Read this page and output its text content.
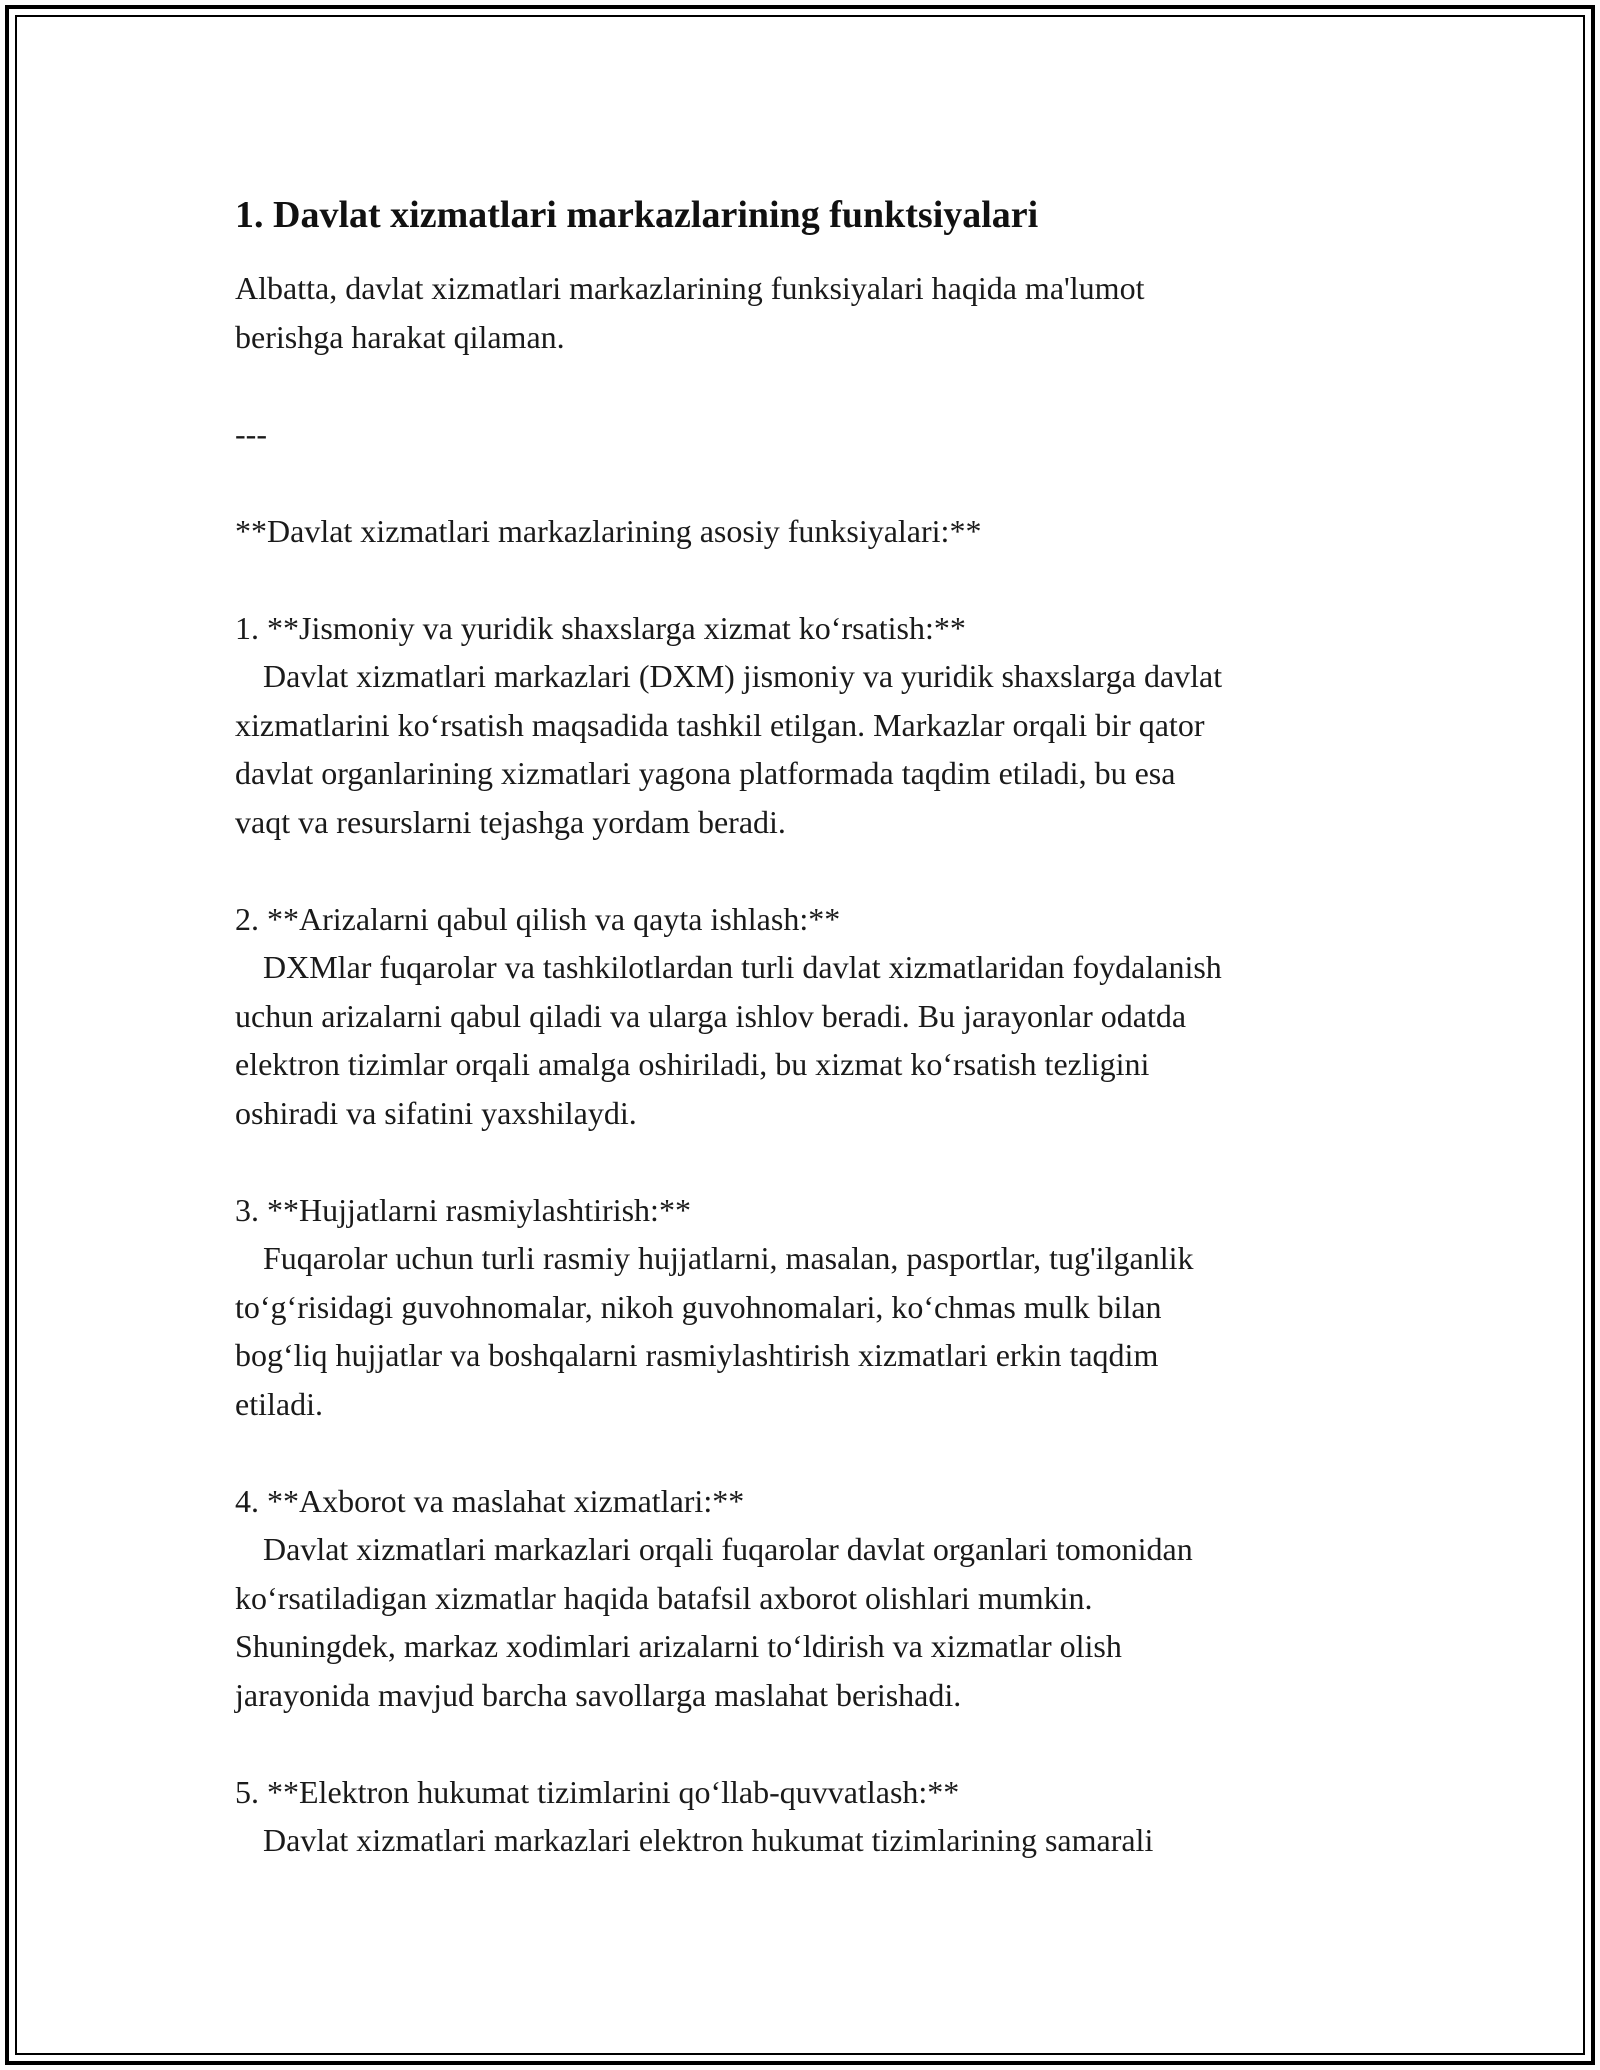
1. Davlat xizmatlari markazlarining funktsiyalari

Albatta, davlat xizmatlari markazlarining funksiyalari haqida ma'lumot
berishga harakat qilaman.

---

**Davlat xizmatlari markazlarining asosiy funksiyalari:**

1. **Jismoniy va yuridik shaxslarga xizmat koʻrsatish:**

Davlat xizmatlari markazlari (DXM) jismoniy va yuridik shaxslarga davlat
xizmatlarini koʻrsatish maqsadida tashkil etilgan. Markazlar orqali bir qator
davlat organlarining xizmatlari yagona platformada taqdim etiladi, bu esa
vaqt va resurslarni tejashga yordam beradi.

2. **Arizalarni qabul qilish va qayta ishlash:**

DXMlar fuqarolar va tashkilotlardan turli davlat xizmatlaridan foydalanish
uchun arizalarni qabul qiladi va ularga ishlov beradi. Bu jarayonlar odatda
elektron tizimlar orqali amalga oshiriladi, bu xizmat koʻrsatish tezligini
oshiradi va sifatini yaxshilaydi.

3. **Hujjatlarni rasmiylashtirish:**

Fuqarolar uchun turli rasmiy hujjatlarni, masalan, pasportlar, tug'ilganlik
toʻgʻrisidagi guvohnomalar, nikoh guvohnomalari, koʻchmas mulk bilan
bogʻliq hujjatlar va boshqalarni rasmiylashtirish xizmatlari erkin taqdim
etiladi.

4. **Axborot va maslahat xizmatlari:**

Davlat xizmatlari markazlari orqali fuqarolar davlat organlari tomonidan
koʻrsatiladigan xizmatlar haqida batafsil axborot olishlari mumkin.
Shuningdek, markaz xodimlari arizalarni toʻldirish va xizmatlar olish
jarayonida mavjud barcha savollarga maslahat berishadi.

5. **Elektron hukumat tizimlarini qoʻllab-quvvatlash:**

Davlat xizmatlari markazlari elektron hukumat tizimlarining samarali
